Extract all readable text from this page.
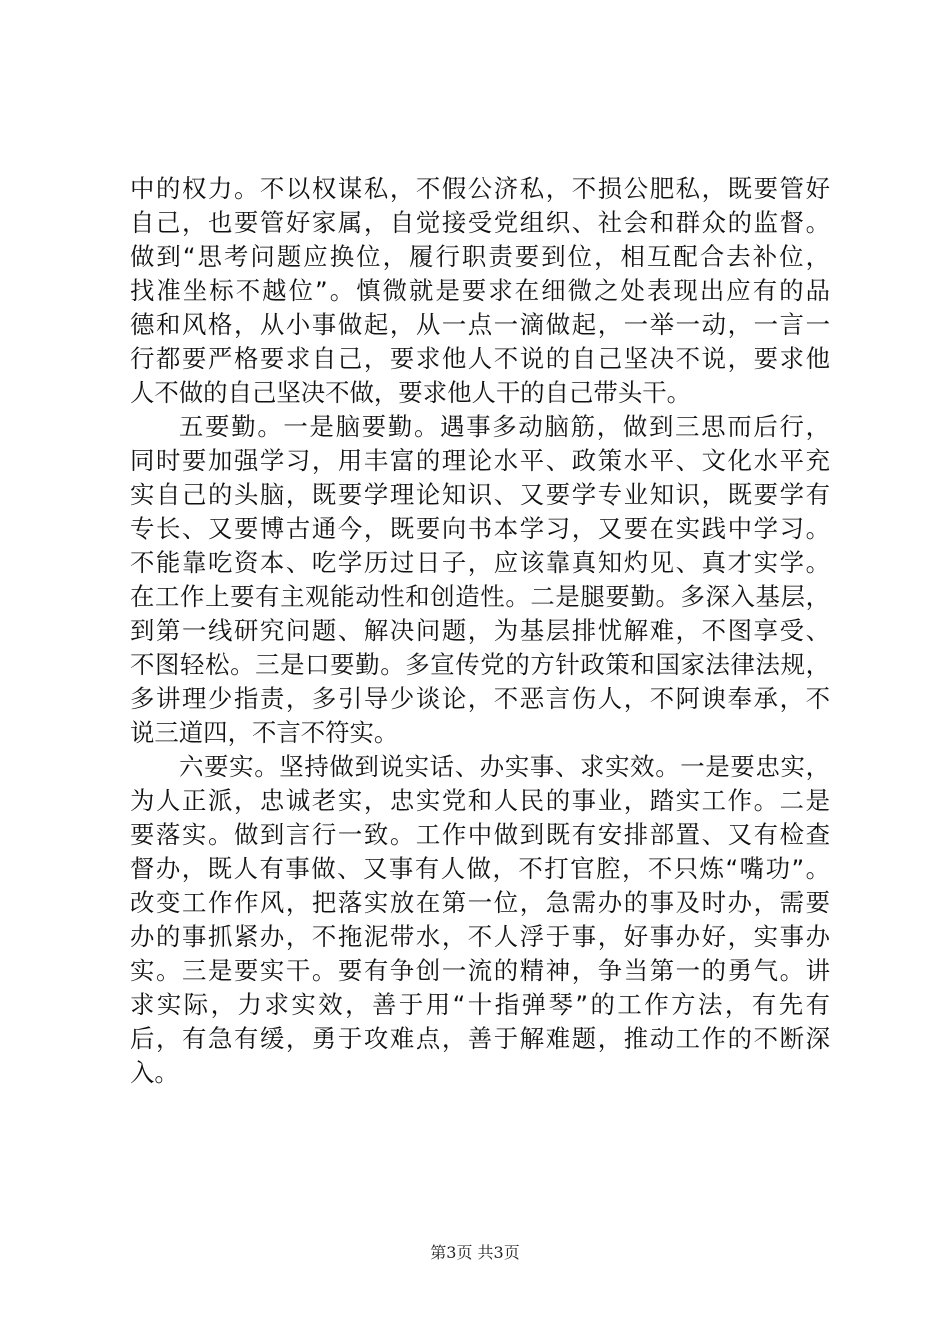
中的权力。不以权谋私，不假公济私，不损公肥私，既要管好
自己，也要管好家属，自觉接受党组织、社会和群众的监督。
做到“思考问题应换位，履行职责要到位，相互配合去补位，
找准坐标不越位”。慎微就是要求在细微之处表现出应有的品
德和风格，从小事做起，从一点一滴做起，一举一动，一言一
行都要严格要求自己，要求他人不说的自己坚决不说，要求他
人不做的自己坚决不做，要求他人干的自己带头干。
五要勤。一是脑要勤。遇事多动脑筋，做到三思而后行，
同时要加强学习，用丰富的理论水平、政策水平、文化水平充
实自己的头脑，既要学理论知识、又要学专业知识，既要学有
专长、又要博古通今，既要向书本学习，又要在实践中学习。
不能靠吃资本、吃学历过日子，应该靠真知灼见、真才实学。
在工作上要有主观能动性和创造性。二是腿要勤。多深入基层，
到第一线研究问题、解决问题，为基层排忧解难，不图享受、
不图轻松。三是口要勤。多宣传党的方针政策和国家法律法规，
多讲理少指责，多引导少谈论，不恶言伤人，不阿谀奉承，不
说三道四，不言不符实。
六要实。坚持做到说实话、办实事、求实效。一是要忠实，
为人正派，忠诚老实，忠实党和人民的事业，踏实工作。二是
要落实。做到言行一致。工作中做到既有安排部置、又有检查
督办，既人有事做、又事有人做，不打官腔，不只炼“嘴功”。
改变工作作风，把落实放在第一位，急需办的事及时办，需要
办的事抓紧办，不拖泥带水，不人浮于事，好事办好，实事办
实。三是要实干。要有争创一流的精神，争当第一的勇气。讲
求实际，力求实效，善于用“十指弹琴”的工作方法，有先有
后，有急有缓，勇于攻难点，善于解难题，推动工作的不断深
入。
第3页 共3页
